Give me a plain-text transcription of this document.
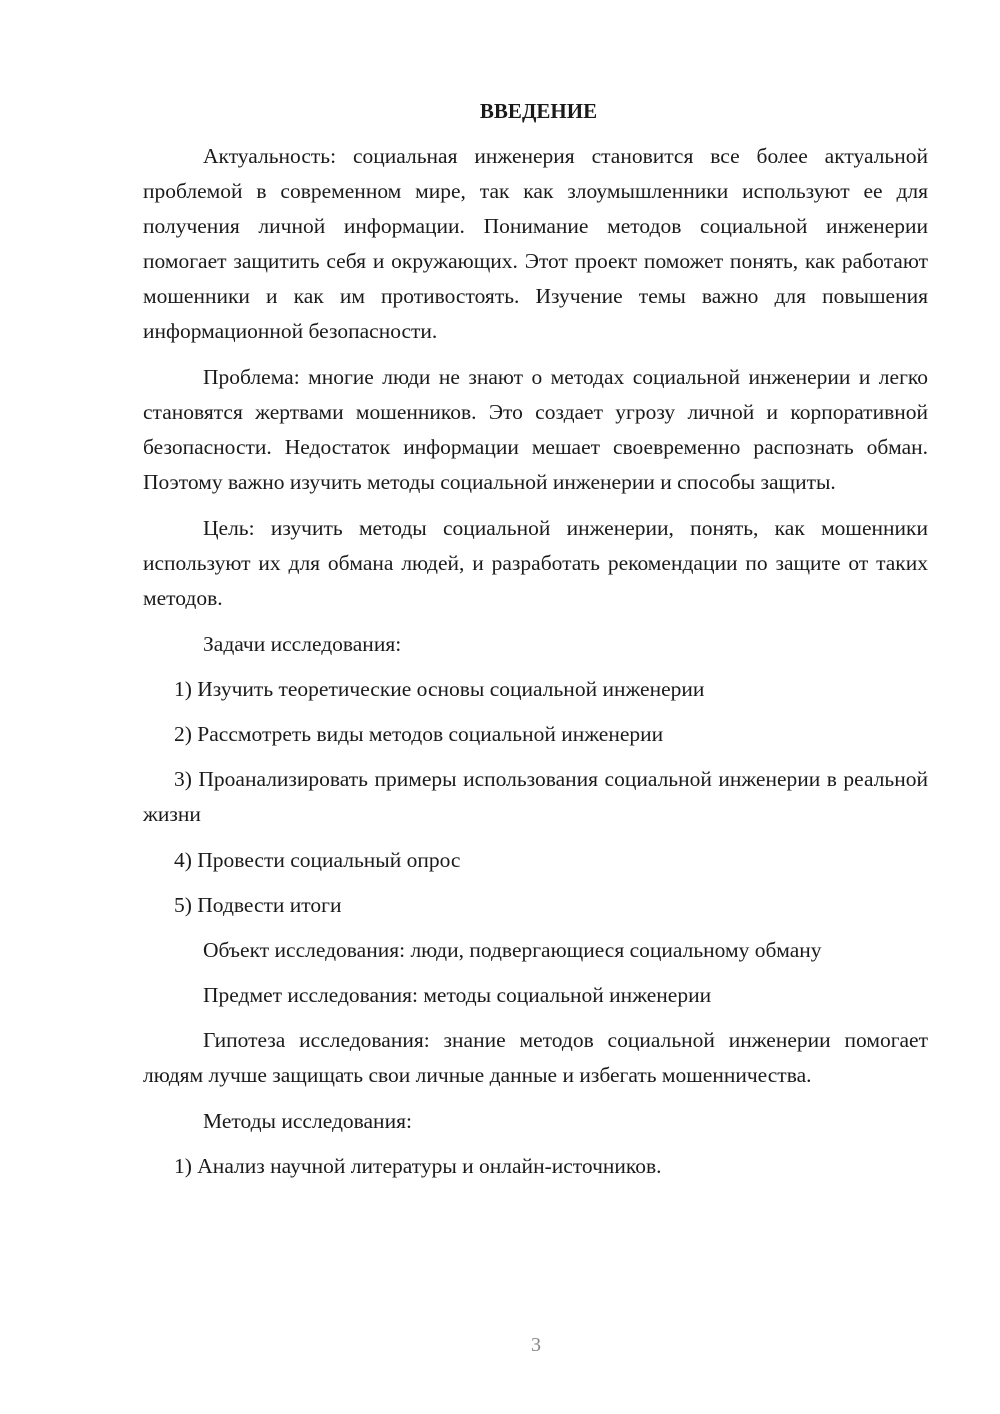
ВВЕДЕНИЕ

Актуальность: социальная инженерия становится все более актуальной проблемой в современном мире, так как злоумышленники используют ее для получения личной информации. Понимание методов социальной инженерии помогает защитить себя и окружающих. Этот проект поможет понять, как работают мошенники и как им противостоять. Изучение темы важно для повышения информационной безопасности.

Проблема: многие люди не знают о методах социальной инженерии и легко становятся жертвами мошенников. Это создает угрозу личной и корпоративной безопасности. Недостаток информации мешает своевременно распознать обман. Поэтому важно изучить методы социальной инженерии и способы защиты.

Цель: изучить методы социальной инженерии, понять, как мошенники используют их для обмана людей, и разработать рекомендации по защите от таких методов.

Задачи исследования:
1) Изучить теоретические основы социальной инженерии
2) Рассмотреть виды методов социальной инженерии

3) Проанализировать примеры использования социальной инженерии в реальной жизни

4) Провести социальный опрос
5) Подвести итоги
Объект исследования: люди, подвергающиеся социальному обману
Предмет исследования: методы социальной инженерии

Гипотеза исследования: знание методов социальной инженерии помогает людям лучше защищать свои личные данные и избегать мошенничества.

Методы исследования:
1) Анализ научной литературы и онлайн-источников.
3
